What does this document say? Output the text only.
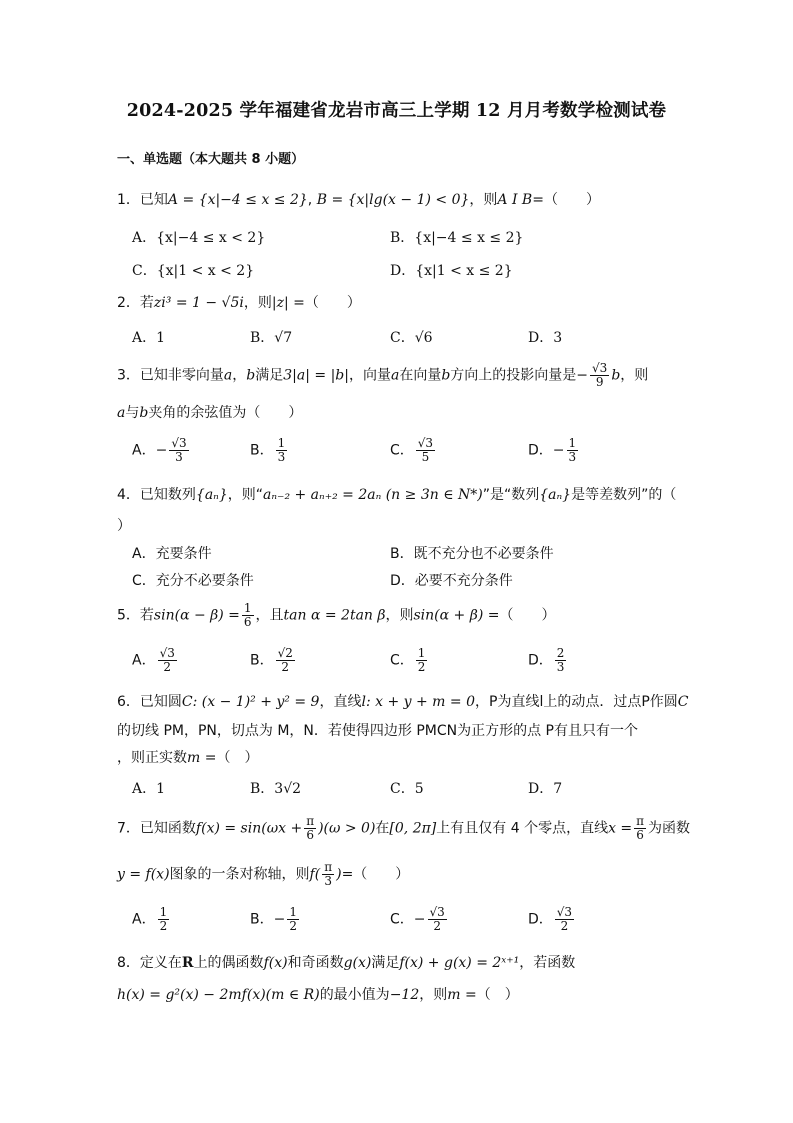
2024-2025 学年福建省龙岩市高三上学期 12 月月考数学检测试卷
一、单选题（本大题共 8 小题）
1．已知A = {x|−4 ≤ x ≤ 2}, B = {x|lg(x − 1) < 0}，则A I B=（　　）
A．{x|−4 ≤ x < 2}	B．{x|−4 ≤ x ≤ 2}
C．{x|1 < x < 2}	D．{x|1 < x ≤ 2}
2．若zi³ = 1 − √5i，则|z| =（　　）
A．1	B．√7	C．√6	D．3
3．已知非零向量a，b满足3|a| = |b|，向量a在向量b方向上的投影向量是− $\frac{√3}{9}$ b，则
a与b夹角的余弦值为（　　）
A．− $\frac{√3}{3}$	B． $\frac{1}{3}$	C． $\frac{√3}{5}$	D．− $\frac{1}{3}$
4．已知数列{aₙ}，则“aₙ₋₂ + aₙ₊₂ = 2aₙ (n ≥ 3n ∈ N*)”是“数列{aₙ}是等差数列”的（
）
A．充要条件	B．既不充分也不必要条件
C．充分不必要条件	D．必要不充分条件
5．若$\sin(\alpha - \beta) = \frac{1}{6}$ ，且tan α = 2tan β，则sin(α + β) =（　　）
A． $\frac{√3}{2}$	B． $\frac{√2}{2}$	C． $\frac{1}{2}$	D． $\frac{2}{3}$
6．已知圆C: (x − 1)² + y² = 9，直线l: x + y + m = 0，P为直线l上的动点．过点P作圆C
的切线 PM，PN，切点为 M，N．若使得四边形 PMCN为正方形的点 P有且只有一个
，则正实数m =（　）
A．1	B．3√2	C．5	D．7
7．已知函数$f(x) = \sin(\omega x + \frac{\pi}{6} )(\omega > 0)$在[0, 2π]上有且仅有 4 个零点，直线$x = \frac{\pi}{6}$ 为函数
y = f(x)图象的一条对称轴，则$f( \frac{\pi}{3}$ )=（　　）
A． $\frac{1}{2}$	B．− $\frac{1}{2}$	C．− $\frac{√3}{2}$	D． $\frac{√3}{2}$
8．定义在R上的偶函数f(x)和奇函数g(x)满足f(x) + g(x) = 2ˣ⁺¹，若函数
h(x) = g²(x) − 2mf(x)(m ∈ R)的最小值为−12，则m =（　）
